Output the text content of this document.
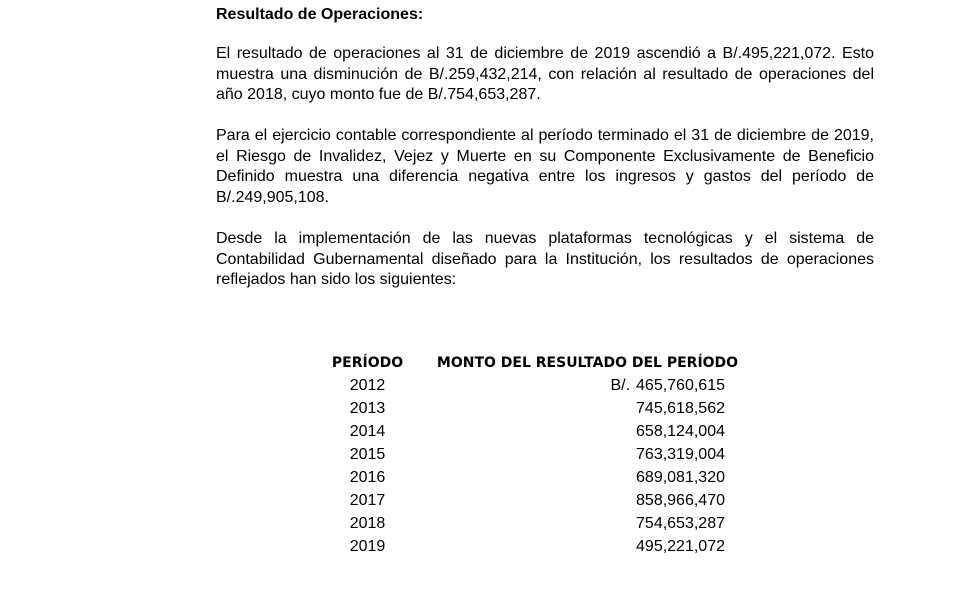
Resultado de Operaciones:

El resultado de operaciones al 31 de diciembre de 2019 ascendió a B/.495,221,072. Esto muestra una disminución de B/.259,432,214, con relación al resultado de operaciones del año 2018, cuyo monto fue de B/.754,653,287.

Para el ejercicio contable correspondiente al período terminado el 31 de diciembre de 2019, el Riesgo de Invalidez, Vejez y Muerte en su Componente Exclusivamente de Beneficio Definido muestra una diferencia negativa entre los ingresos y gastos del período de B/.249,905,108.

Desde la implementación de las nuevas plataformas tecnológicas y el sistema de Contabilidad Gubernamental diseñado para la Institución, los resultados de operaciones reflejados han sido los siguientes:

PERÍODO	MONTO DEL RESULTADO DEL PERÍODO
2012	B/. 465,760,615
2013	745,618,562
2014	658,124,004
2015	763,319,004
2016	689,081,320
2017	858,966,470
2018	754,653,287
2019	495,221,072
